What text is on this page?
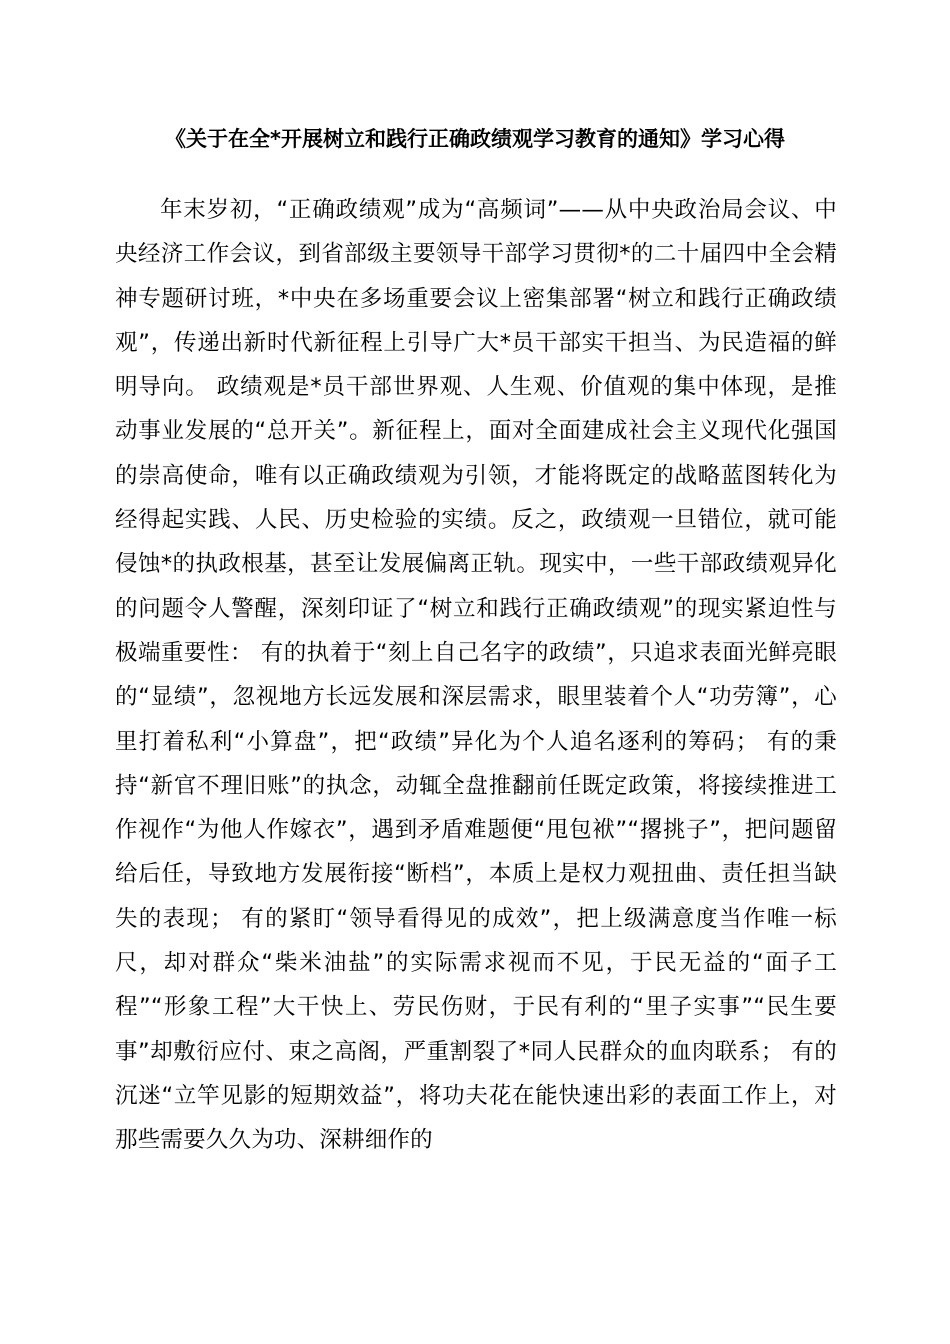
《关于在全*开展树立和践行正确政绩观学习教育的通知》学习心得

年末岁初，“正确政绩观”成为“高频词”——从中央政治局会议、中央经济工作会议，到省部级主要领导干部学习贯彻*的二十届四中全会精神专题研讨班，*中央在多场重要会议上密集部署“树立和践行正确政绩观”，传递出新时代新征程上引导广大*员干部实干担当、为民造福的鲜明导向。 政绩观是*员干部世界观、人生观、价值观的集中体现，是推动事业发展的“总开关”。新征程上，面对全面建成社会主义现代化强国的崇高使命，唯有以正确政绩观为引领，才能将既定的战略蓝图转化为经得起实践、人民、历史检验的实绩。反之，政绩观一旦错位，就可能侵蚀*的执政根基，甚至让发展偏离正轨。现实中，一些干部政绩观异化的问题令人警醒，深刻印证了“树立和践行正确政绩观”的现实紧迫性与极端重要性： 有的执着于“刻上自己名字的政绩”，只追求表面光鲜亮眼的“显绩”，忽视地方长远发展和深层需求，眼里装着个人“功劳簿”，心里打着私利“小算盘”，把“政绩”异化为个人追名逐利的筹码； 有的秉持“新官不理旧账”的执念，动辄全盘推翻前任既定政策，将接续推进工作视作“为他人作嫁衣”，遇到矛盾难题便“甩包袱”“撂挑子”，把问题留给后任，导致地方发展衔接“断档”，本质上是权力观扭曲、责任担当缺失的表现； 有的紧盯“领导看得见的成效”，把上级满意度当作唯一标尺，却对群众“柴米油盐”的实际需求视而不见，于民无益的“面子工程”“形象工程”大干快上、劳民伤财，于民有利的“里子实事”“民生要事”却敷衍应付、束之高阁，严重割裂了*同人民群众的血肉联系； 有的沉迷“立竿见影的短期效益”，将功夫花在能快速出彩的表面工作上，对那些需要久久为功、深耕细作的
